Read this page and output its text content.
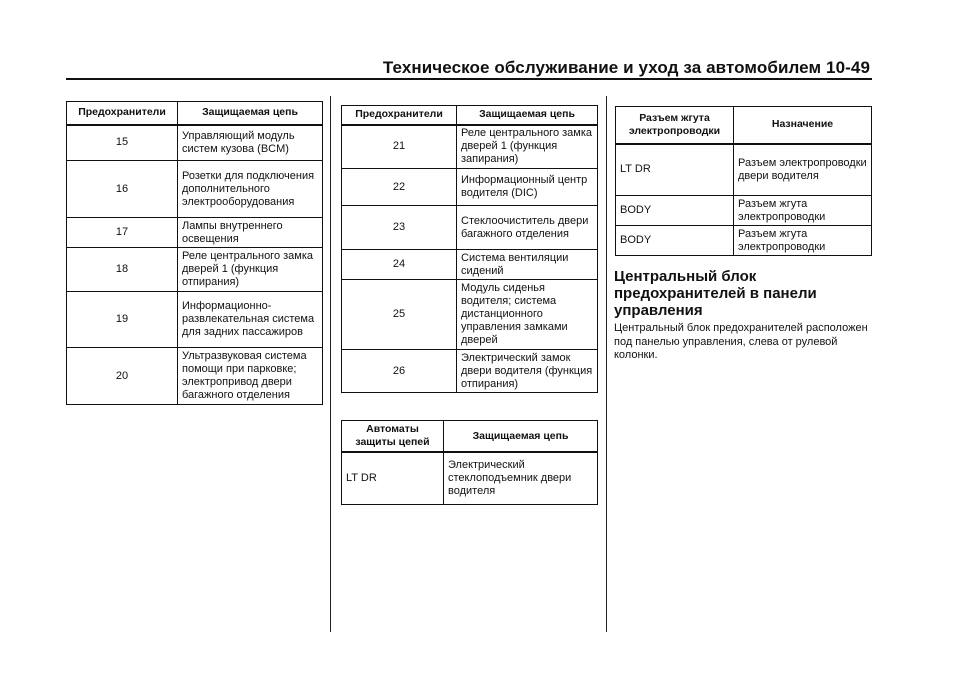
Техническое обслуживание и уход за автомобилем 10-49
Предохранители	Защищаемая цепь
15	Управляющий модуль систем кузова (BCM)
16	Розетки для подключения дополнительного электрооборудования
17	Лампы внутреннего освещения
18	Реле центрального замка дверей 1 (функция отпирания)
19	Информационно-развлекательная система для задних пассажиров
20	Ультразвуковая система помощи при парковке; электропривод двери багажного отделения
Предохранители	Защищаемая цепь
21	Реле центрального замка дверей 1 (функция запирания)
22	Информационный центр водителя (DIC)
23	Стеклоочиститель двери багажного отделения
24	Система вентиляции сидений
25	Модуль сиденья водителя; система дистанционного управления замками дверей
26	Электрический замок двери водителя (функция отпирания)
Автоматы защиты цепей	Защищаемая цепь
LT DR	Электрический стеклоподъемник двери водителя
Разъем жгута электропроводки	Назначение
LT DR	Разъем электропроводки двери водителя
BODY	Разъем жгута электропроводки
BODY	Разъем жгута электропроводки
Центральный блок предохранителей в панели управления

Центральный блок предохранителей расположен под панелью управления, слева от рулевой колонки.
